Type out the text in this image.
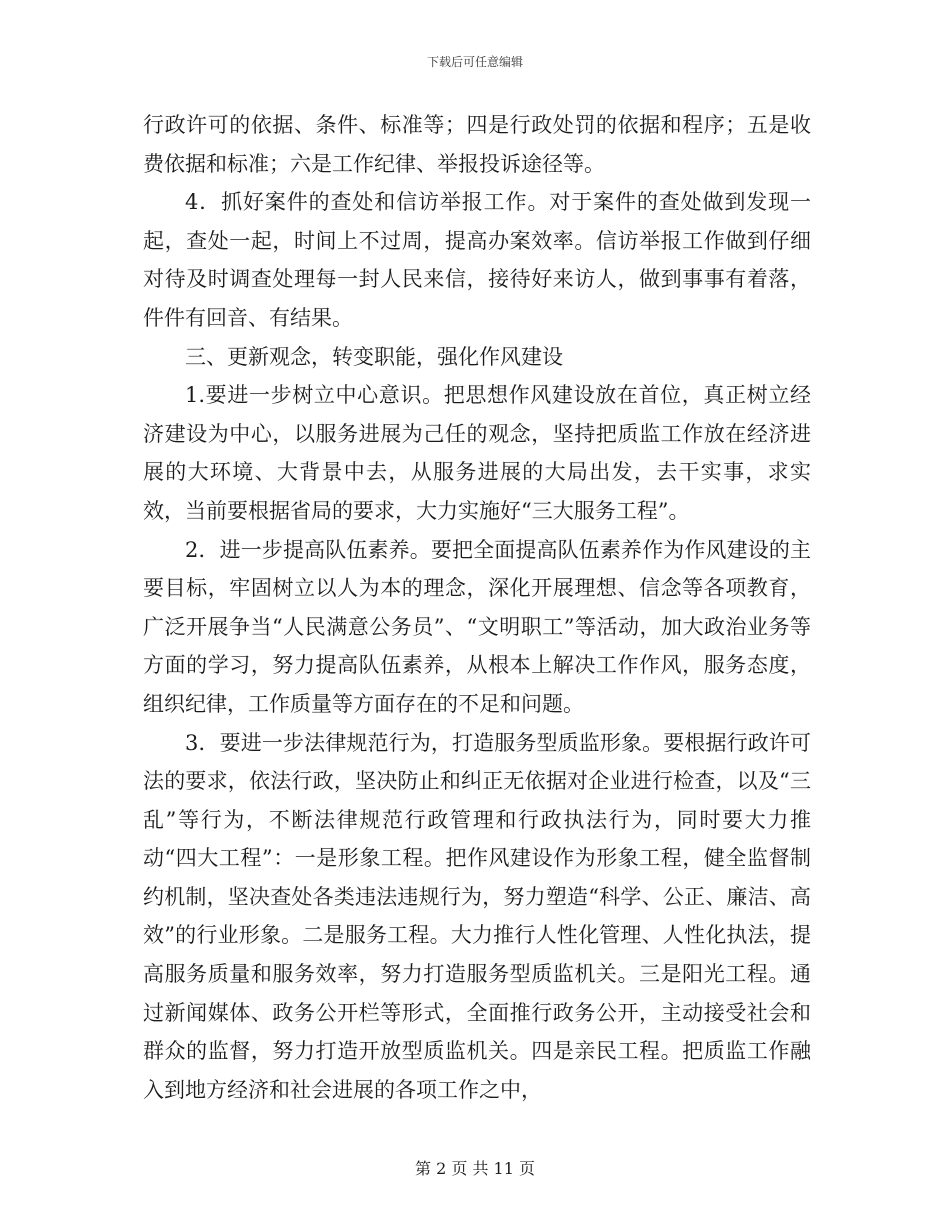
下载后可任意编辑

行政许可的依据、条件、标准等；四是行政处罚的依据和程序；五是收费依据和标准；六是工作纪律、举报投诉途径等。

4．抓好案件的查处和信访举报工作。对于案件的查处做到发现一起，查处一起，时间上不过周，提高办案效率。信访举报工作做到仔细对待及时调查处理每一封人民来信，接待好来访人，做到事事有着落，件件有回音、有结果。

三、更新观念，转变职能，强化作风建设

1.要进一步树立中心意识。把思想作风建设放在首位，真正树立经济建设为中心，以服务进展为己任的观念，坚持把质监工作放在经济进展的大环境、大背景中去，从服务进展的大局出发，去干实事，求实效，当前要根据省局的要求，大力实施好“三大服务工程”。

2．进一步提高队伍素养。要把全面提高队伍素养作为作风建设的主要目标，牢固树立以人为本的理念，深化开展理想、信念等各项教育，广泛开展争当“人民满意公务员”、“文明职工”等活动，加大政治业务等方面的学习，努力提高队伍素养，从根本上解决工作作风，服务态度，组织纪律，工作质量等方面存在的不足和问题。

3．要进一步法律规范行为，打造服务型质监形象。要根据行政许可法的要求，依法行政，坚决防止和纠正无依据对企业进行检查，以及“三乱”等行为，不断法律规范行政管理和行政执法行为，同时要大力推动“四大工程”：一是形象工程。把作风建设作为形象工程，健全监督制约机制，坚决查处各类违法违规行为，努力塑造“科学、公正、廉洁、高效”的行业形象。二是服务工程。大力推行人性化管理、人性化执法，提高服务质量和服务效率，努力打造服务型质监机关。三是阳光工程。通过新闻媒体、政务公开栏等形式，全面推行政务公开，主动接受社会和群众的监督，努力打造开放型质监机关。四是亲民工程。把质监工作融入到地方经济和社会进展的各项工作之中，

第 2 页 共 11 页
